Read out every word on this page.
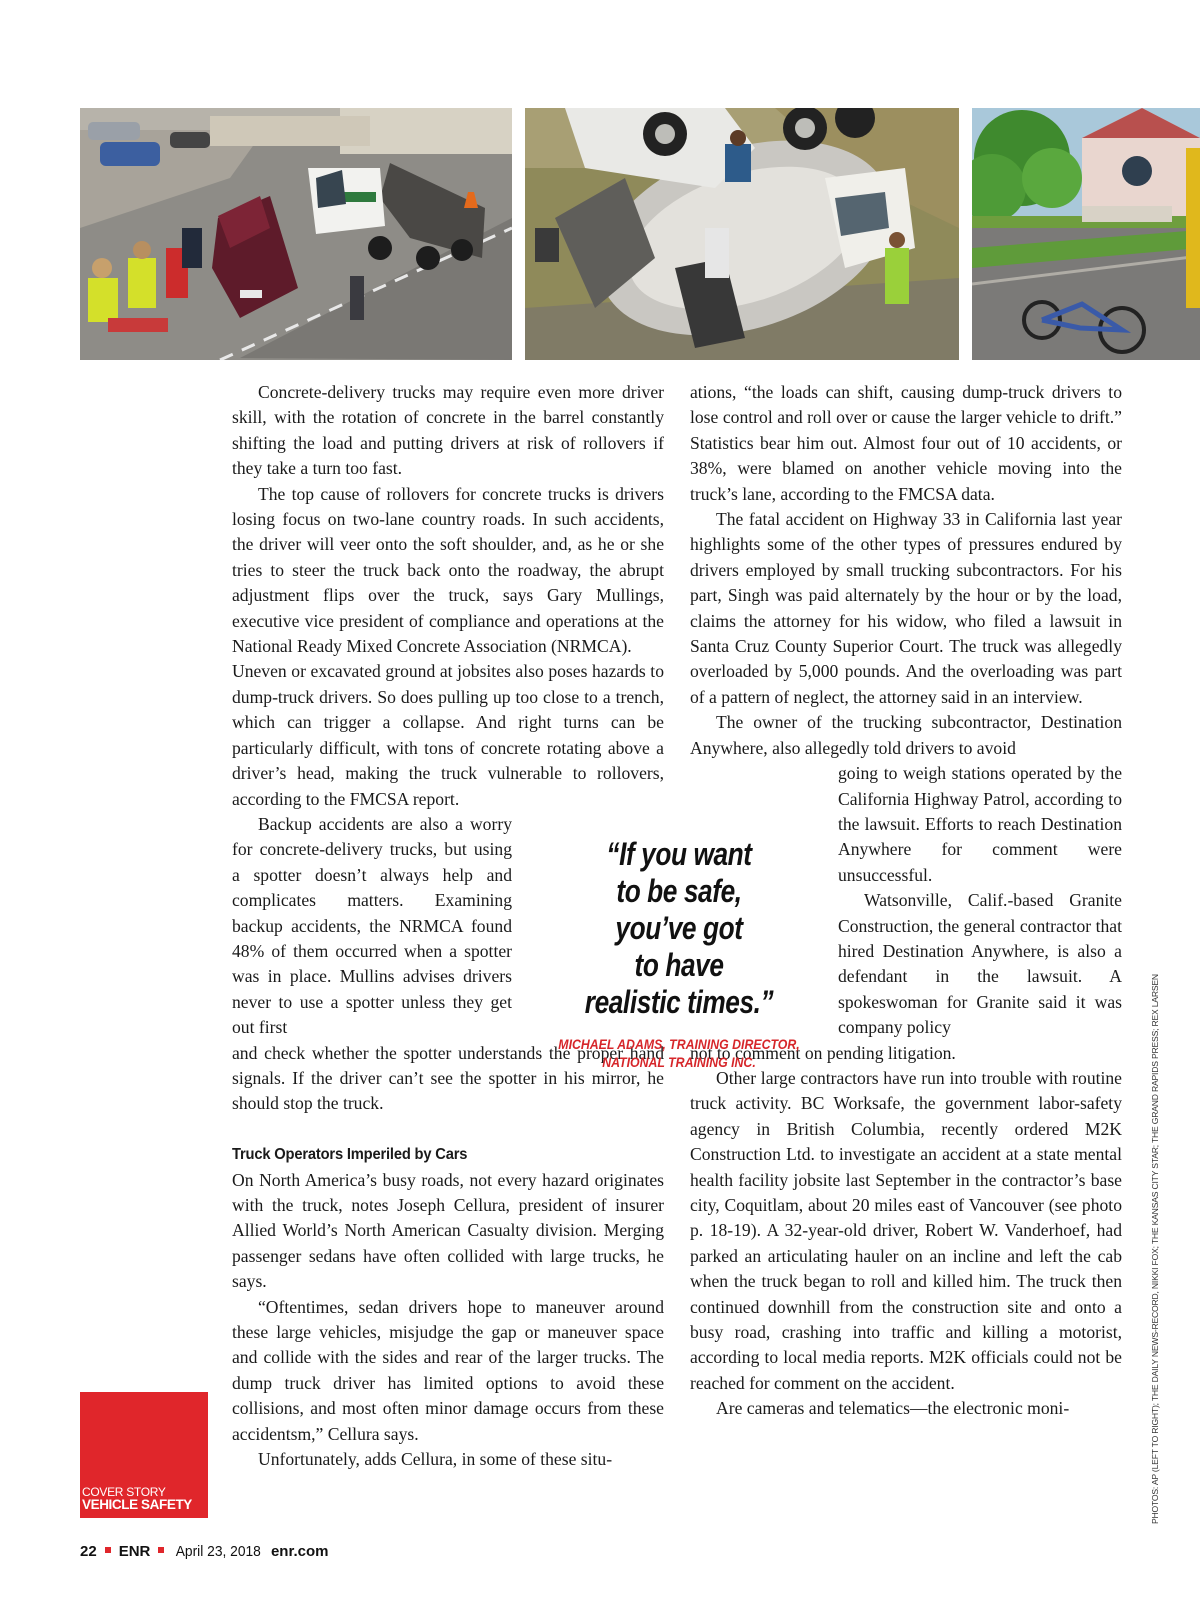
Concrete-delivery trucks may require even more driver skill, with the rotation of concrete in the barrel constantly shifting the load and putting drivers at risk of rollovers if they take a turn too fast.

The top cause of rollovers for concrete trucks is drivers losing focus on two-lane country roads. In such accidents, the driver will veer onto the soft shoulder, and, as he or she tries to steer the truck back onto the roadway, the abrupt adjustment flips over the truck, says Gary Mullings, executive vice president of compliance and operations at the National Ready Mixed Concrete Association (NRMCA).

Uneven or excavated ground at jobsites also poses hazards to dump-truck drivers. So does pulling up too close to a trench, which can trigger a collapse. And right turns can be particularly difficult, with tons of concrete rotating above a driver’s head, making the truck vulnerable to rollovers, according to the FMCSA report.

Backup accidents are also a worry for concrete-delivery trucks, but using a spotter doesn’t always help and complicates matters. Examining backup accidents, the NRMCA found 48% of them occurred when a spotter was in place. Mullins advises drivers never to use a spotter unless they get out first

and check whether the spotter understands the proper hand signals. If the driver can’t see the spotter in his mirror, he should stop the truck.

Truck Operators Imperiled by Cars

On North America’s busy roads, not every hazard originates with the truck, notes Joseph Cellura, president of insurer Allied World’s North American Casualty division. Merging passenger sedans have often collided with large trucks, he says.

“Oftentimes, sedan drivers hope to maneuver around these large vehicles, misjudge the gap or maneuver space and collide with the sides and rear of the larger trucks. The dump truck driver has limited options to avoid these collisions, and most often minor damage occurs from these accidentsm,” Cellura says.

Unfortunately, adds Cellura, in some of these situ-

ations, “the loads can shift, causing dump-truck drivers to lose control and roll over or cause the larger vehicle to drift.” Statistics bear him out. Almost four out of 10 accidents, or 38%, were blamed on another vehicle moving into the truck’s lane, according to the FMCSA data.

The fatal accident on Highway 33 in California last year highlights some of the other types of pressures endured by drivers employed by small trucking subcontractors. For his part, Singh was paid alternately by the hour or by the load, claims the attorney for his widow, who filed a lawsuit in Santa Cruz County Superior Court. The truck was allegedly overloaded by 5,000 pounds. And the overloading was part of a pattern of neglect, the attorney said in an interview.

The owner of the trucking subcontractor, Destination Anywhere, also allegedly told drivers to avoid

going to weigh stations operated by the California Highway Patrol, according to the lawsuit. Efforts to reach Destination Anywhere for comment were unsuccessful.

Watsonville, Calif.-based Granite Construction, the general contractor that hired Destination Anywhere, is also a defendant in the lawsuit. A spokeswoman for Granite said it was company policy

not to comment on pending litigation.

Other large contractors have run into trouble with routine truck activity. BC Worksafe, the government labor-safety agency in British Columbia, recently ordered M2K Construction Ltd. to investigate an accident at a state mental health facility jobsite last September in the contractor’s base city, Coquitlam, about 20 miles east of Vancouver (see photo p. 18-19). A 32-year-old driver, Robert W. Vanderhoef, had parked an articulating hauler on an incline and left the cab when the truck began to roll and killed him. The truck then continued downhill from the construction site and onto a busy road, crashing into traffic and killing a motorist, according to local media reports. M2K officials could not be reached for comment on the accident.

Are cameras and telematics—the electronic moni-

“If you want

to be safe,

you’ve got

to have

realistic times.”

MICHAEL ADAMS, TRAINING DIRECTOR,
NATIONAL TRAINING INC.	PHOTOS: AP (LEFT TO RIGHT); THE DAILY NEWS-RECORD, NIKKI FOX; THE KANSAS CITY STAR; THE GRAND RAPIDS PRESS; REX LARSEN
COVER STORY
VEHICLE SAFETY
22 ENR April 23, 2018 enr.com
